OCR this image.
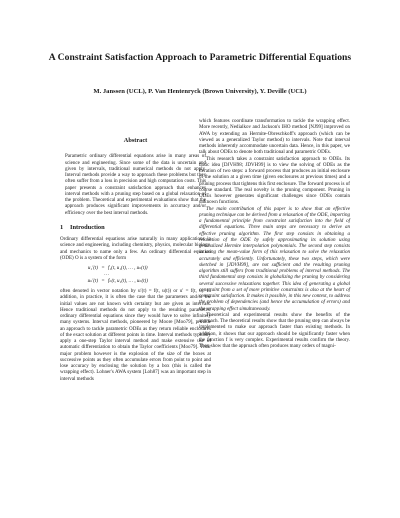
A Constraint Satisfaction Approach to Parametric Differential Equations
M. Janssen (UCL), P. Van Hentenryck (Brown University), Y. Deville (UCL)
Abstract

Parametric ordinary differential equations arise in many areas of science and engineering. Since some of the data is uncertain and given by intervals, traditional numerical methods do not apply. Interval methods provide a way to approach these problems but they often suffer from a loss in precision and high computation costs. This paper presents a constraint satisfaction approach that enhances interval methods with a pruning step based on a global relaxation of the problem. Theoretical and experimental evaluations show that the approach produces significant improvements in accurracy and/or efficiency over the best interval methods.

1 Introduction

Ordinary differential equations arise naturally in many applications in science and engineering, including chemistry, physics, molecular biology, and mechanics to name only a few. An ordinary differential equation (ODE) O is a system of the form

u₁′(t) = f₁(t, u₁(t), … , uₙ(t))
…
uₙ′(t) = fₙ(t, u₁(t), … , uₙ(t))

often denoted in vector notation by u′(t) = f(t, u(t)) or u′ = f(t, u). In addition, in practice, it is often the case that the parameters and/or the initial values are not known with certainty but are given as intervals. Hence traditional methods do not apply to the resulting parametric ordinary differential equations since they would have to solve infinitely many systems. Interval methods, pioneered by Moore [Moo79], provide an approach to tackle parametric ODEs as they return reliable enclosures of the exact solution at different points in time. Interval methods typically apply a one-step Taylor interval method and make extensive use of automatic differentiation to obtain the Taylor coefficients [Moo79]. Their major problem however is the explosion of the size of the boxes at successive points as they often accumulate errors from point to point and lose accuracy by enclosing the solution by a box (this is called the wrapping effect). Lohner's AWA system [Loh87] was an important step in interval methods

which features coordinate transformation to tackle the wrapping effect. More recently, Nedialkov and Jackson's IHO method [NJ99] improved on AWA by extending an Hermite-Obreschkoff's approach (which can be viewed as a generalized Taylor method) to intervals. Note that interval methods inherently accommodate uncertain data. Hence, in this paper, we talk about ODEs to denote both traditional and parametric ODEs.

This research takes a constraint satisfaction approach to ODEs. Its basic idea [DJVH98; JDVH99] is to view the solving of ODEs as the iteration of two steps: a forward process that produces an initial enclosure of the solution at a given time (given enclosures at previous times) and a pruning process that tightens this first enclosure. The forward process is of course standard. The real novelty is the pruning component. Pruning in ODEs however generates significant challenges since ODEs contain unknown functions.

The main contribution of this paper is to show that an effective pruning technique can be derived from a relaxation of the ODE, importing a fundamental principle from constraint satisfaction into the field of differential equations. Three main steps are necessary to derive an effective pruning algorithm. The first step consists in obtaining a relaxation of the ODE by safely approximating its solution using generalized Hermite interpolation polynomials. The second step consists in using the mean-value form of this relaxation to solve the relaxation accurately and efficiently. Unfortunately, these two steps, which were sketched in [JDVH99], are not sufficient and the resulting pruning algorithm still suffers from traditional problems of interval methods. The third fundamental step consists in globalizing the pruning by considering several successive relaxations together. This idea of generating a global constraint from a set of more primitive constraints is also at the heart of constraint satisfaction. It makes it possible, in this new context, to address the problem of dependencies (and hence the accumulation of errors) and the wrapping effect simultaneously.

Theoretical and experimental results show the benefits of the approach. The theoretical results show that the pruning step can always be implemented to make our approach faster than existing methods. In addition, it shows that our approach should be significantly faster when the function f is very complex. Experimental results confirm the theory. They show that the approach often produces many orders of magni-
